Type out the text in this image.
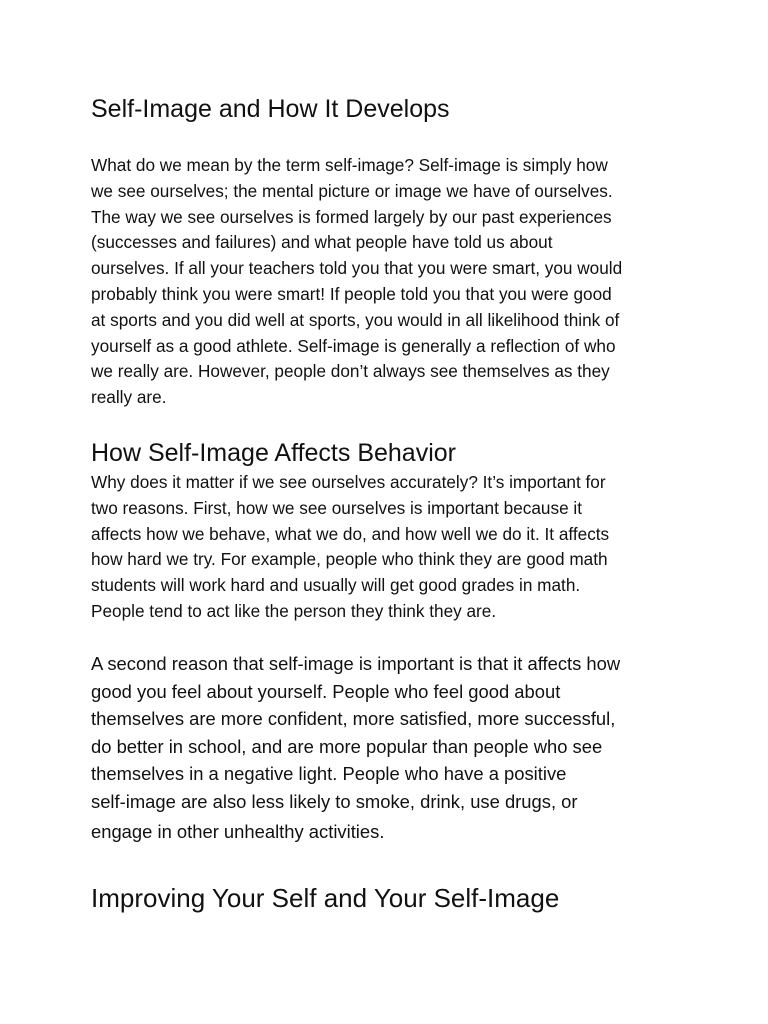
Self-Image and How It Develops
What do we mean by the term self-image? Self-image is simply how
we see ourselves; the mental picture or image we have of ourselves.
The way we see ourselves is formed largely by our past experiences
(successes and failures) and what people have told us about
ourselves. If all your teachers told you that you were smart, you would
probably think you were smart! If people told you that you were good
at sports and you did well at sports, you would in all likelihood think of
yourself as a good athlete. Self-image is generally a reflection of who
we really are. However, people don’t always see themselves as they
really are.
How Self-Image Affects Behavior
Why does it matter if we see ourselves accurately? It’s important for
two reasons. First, how we see ourselves is important because it
affects how we behave, what we do, and how well we do it. It affects
how hard we try. For example, people who think they are good math
students will work hard and usually will get good grades in math.
People tend to act like the person they think they are.
A second reason that self-image is important is that it affects how
good you feel about yourself. People who feel good about
themselves are more confident, more satisfied, more successful,
do better in school, and are more popular than people who see
themselves in a negative light. People who have a positive
self-image are also less likely to smoke, drink, use drugs, or
engage in other unhealthy activities.
Improving Your Self and Your Self-Image
